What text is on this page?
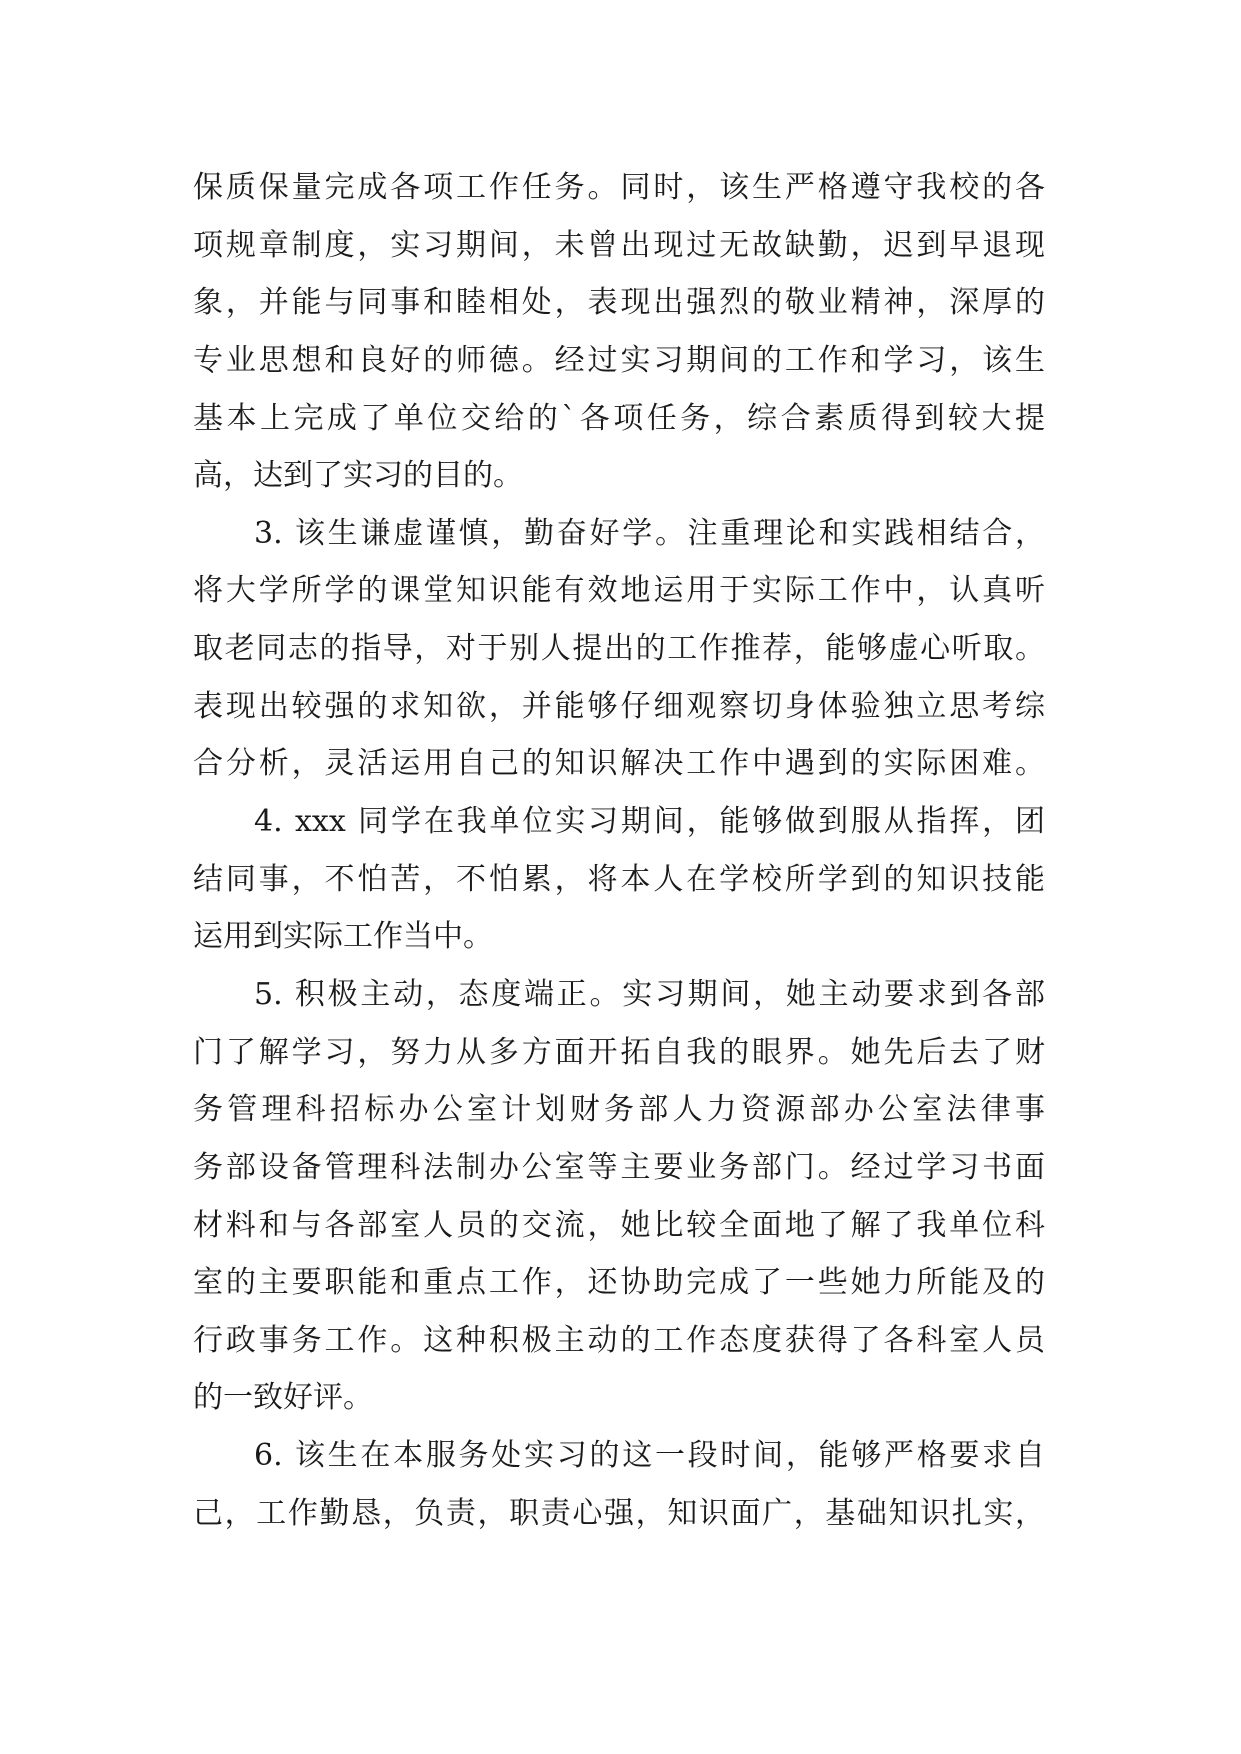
保质保量完成各项工作任务。同时，该生严格遵守我校的各
项规章制度，实习期间，未曾出现过无故缺勤，迟到早退现
象，并能与同事和睦相处，表现出强烈的敬业精神，深厚的
专业思想和良好的师德。经过实习期间的工作和学习，该生
基本上完成了单位交给的`各项任务，综合素质得到较大提
高，达到了实习的目的。
3. 该生谦虚谨慎，勤奋好学。注重理论和实践相结合，
将大学所学的课堂知识能有效地运用于实际工作中，认真听
取老同志的指导，对于别人提出的工作推荐，能够虚心听取。
表现出较强的求知欲，并能够仔细观察切身体验独立思考综
合分析，灵活运用自己的知识解决工作中遇到的实际困难。
4. xxx 同学在我单位实习期间，能够做到服从指挥，团
结同事，不怕苦，不怕累，将本人在学校所学到的知识技能
运用到实际工作当中。
5. 积极主动，态度端正。实习期间，她主动要求到各部
门了解学习，努力从多方面开拓自我的眼界。她先后去了财
务管理科招标办公室计划财务部人力资源部办公室法律事
务部设备管理科法制办公室等主要业务部门。经过学习书面
材料和与各部室人员的交流，她比较全面地了解了我单位科
室的主要职能和重点工作，还协助完成了一些她力所能及的
行政事务工作。这种积极主动的工作态度获得了各科室人员
的一致好评。
6. 该生在本服务处实习的这一段时间，能够严格要求自
己，工作勤恳，负责，职责心强，知识面广，基础知识扎实，
